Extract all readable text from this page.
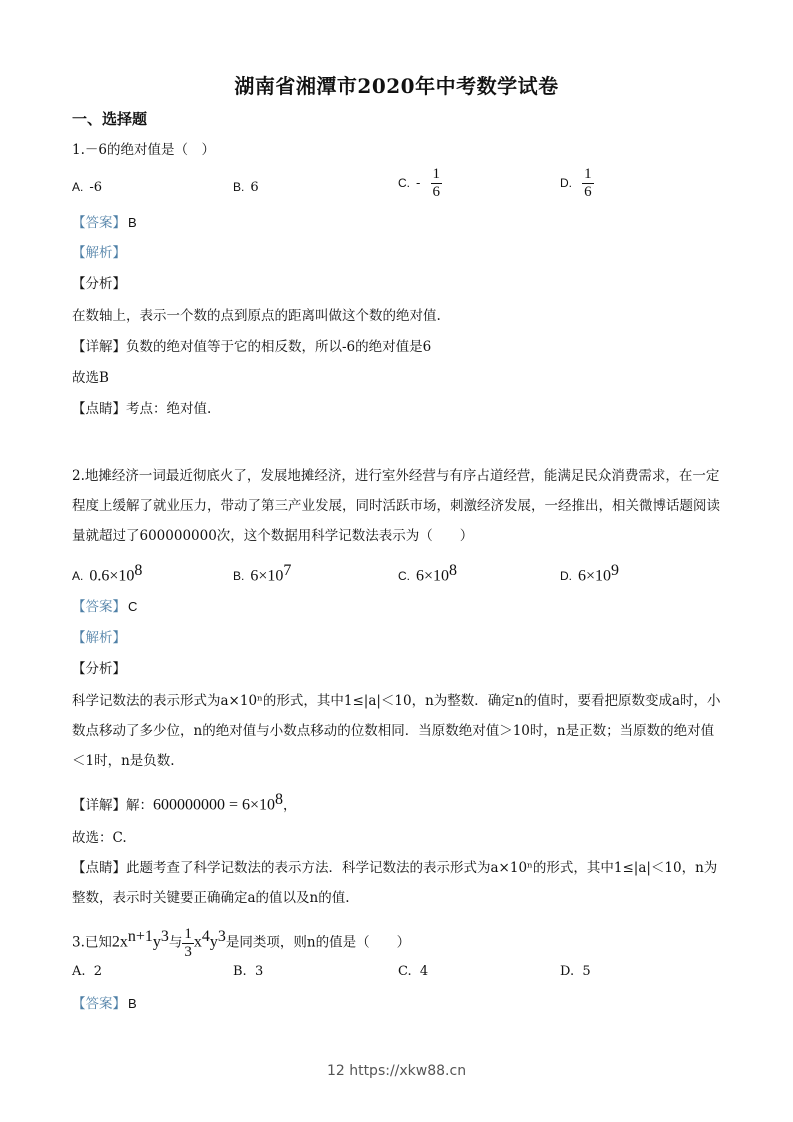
湖南省湘潭市2020年中考数学试卷
一、选择题
1.－6的绝对值是（　）
A. -6	B. 6	C. - $\frac{1}{6}$	D. $\frac{1}{6}$
【答案】 B
【解析】
【分析】
在数轴上，表示一个数的点到原点的距离叫做这个数的绝对值.
【详解】负数的绝对值等于它的相反数，所以-6的绝对值是6
故选B
【点睛】考点：绝对值.
2.地摊经济一词最近彻底火了，发展地摊经济，进行室外经营与有序占道经营，能满足民众消费需求，在一定程度上缓解了就业压力，带动了第三产业发展，同时活跃市场，刺激经济发展，一经推出，相关微博话题阅读量就超过了600000000次，这个数据用科学记数法表示为（　　）
A. $0.6\times 10^8$	B. $6\times 10^7$	C. $6\times 10^8$	D. $6\times 10^9$
【答案】 C
【解析】
【分析】
科学记数法的表示形式为a×10ⁿ的形式，其中1≤|a|＜10，n为整数．确定n的值时，要看把原数变成a时，小数点移动了多少位，n的绝对值与小数点移动的位数相同．当原数绝对值＞10时，n是正数；当原数的绝对值＜1时，n是负数.
【详解】解：$600000000 = 6\times 10^8$，
故选：C.
【点睛】此题考查了科学记数法的表示方法．科学记数法的表示形式为a×10ⁿ的形式，其中1≤|a|＜10，n为整数，表示时关键要正确确定a的值以及n的值.
3.已知$2x^{n+1}y^3$与 $\frac{1}{3} x^4y^3$是同类项，则n的值是（　　）
A. 2	B. 3	C. 4	D. 5
【答案】 B
12 https://xkw88.cn
